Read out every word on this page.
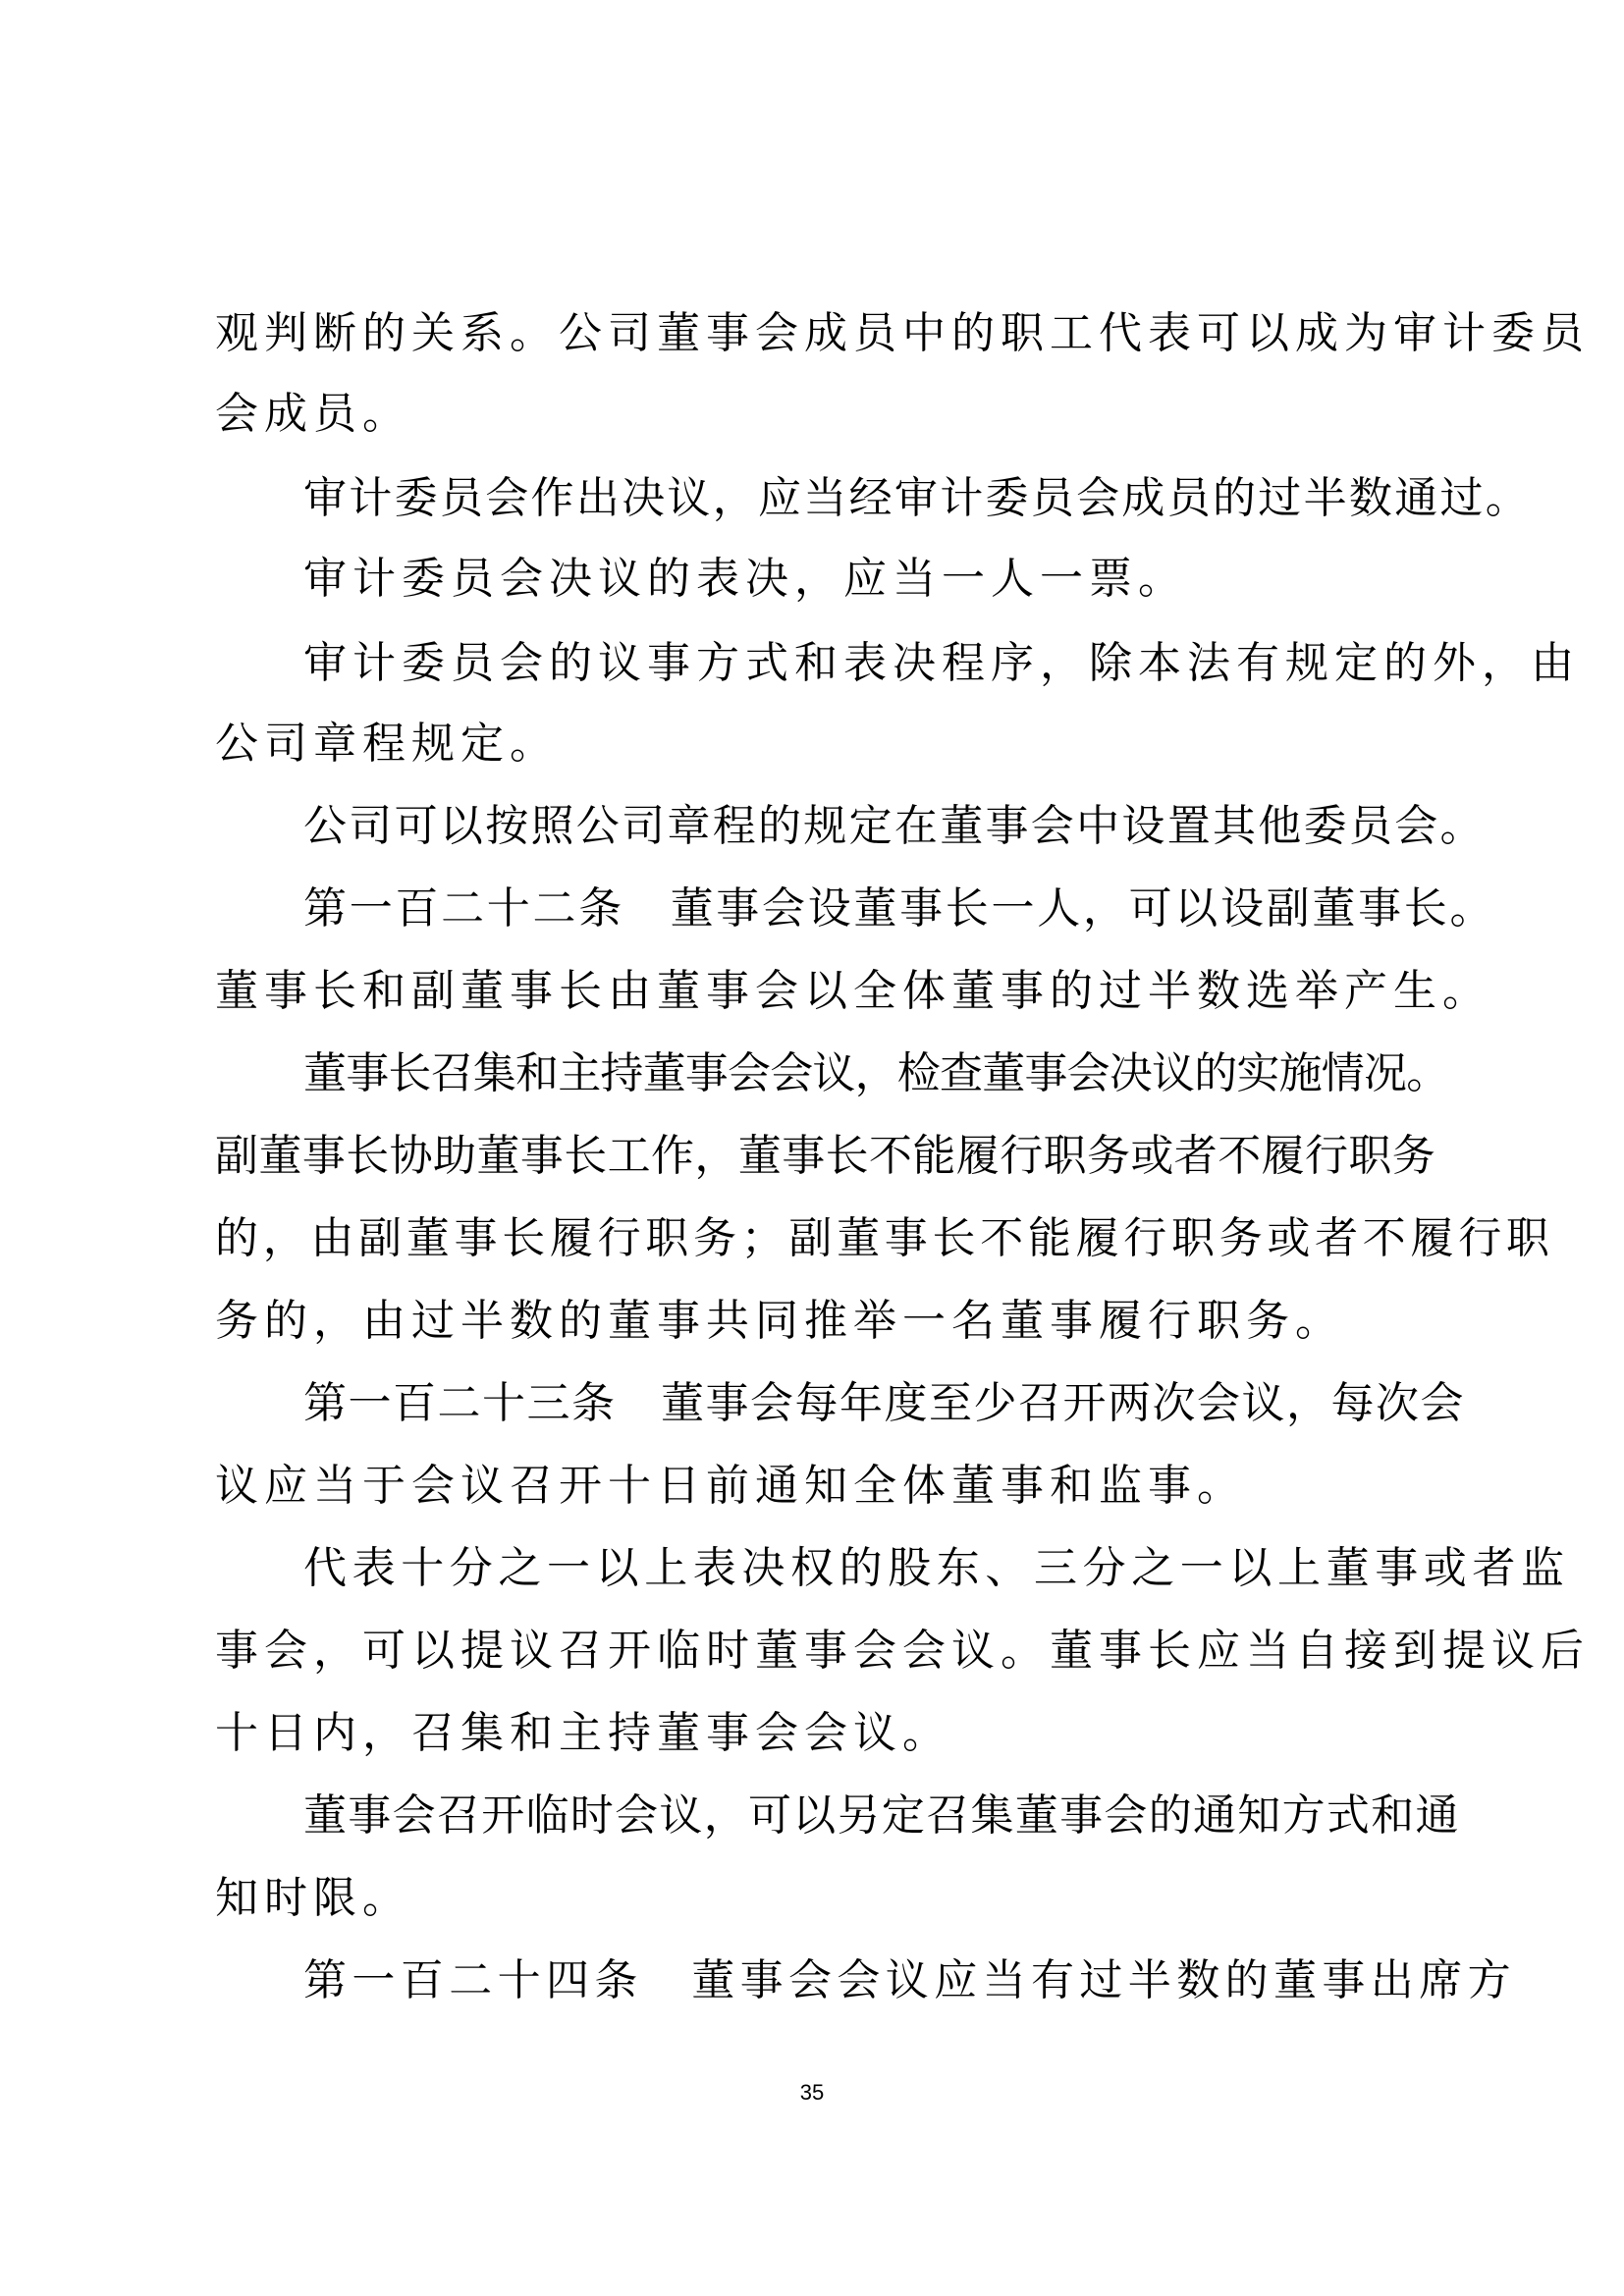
观判断的关系。公司董事会成员中的职工代表可以成为审计委员
会成员。
审计委员会作出决议，应当经审计委员会成员的过半数通过。
审计委员会决议的表决，应当一人一票。
审计委员会的议事方式和表决程序，除本法有规定的外，由
公司章程规定。
公司可以按照公司章程的规定在董事会中设置其他委员会。
第一百二十二条　董事会设董事长一人，可以设副董事长。
董事长和副董事长由董事会以全体董事的过半数选举产生。
董事长召集和主持董事会会议，检查董事会决议的实施情况。
副董事长协助董事长工作，董事长不能履行职务或者不履行职务
的，由副董事长履行职务；副董事长不能履行职务或者不履行职
务的，由过半数的董事共同推举一名董事履行职务。
第一百二十三条　董事会每年度至少召开两次会议，每次会
议应当于会议召开十日前通知全体董事和监事。
代表十分之一以上表决权的股东、三分之一以上董事或者监
事会，可以提议召开临时董事会会议。董事长应当自接到提议后
十日内，召集和主持董事会会议。
董事会召开临时会议，可以另定召集董事会的通知方式和通
知时限。
第一百二十四条　董事会会议应当有过半数的董事出席方
35
